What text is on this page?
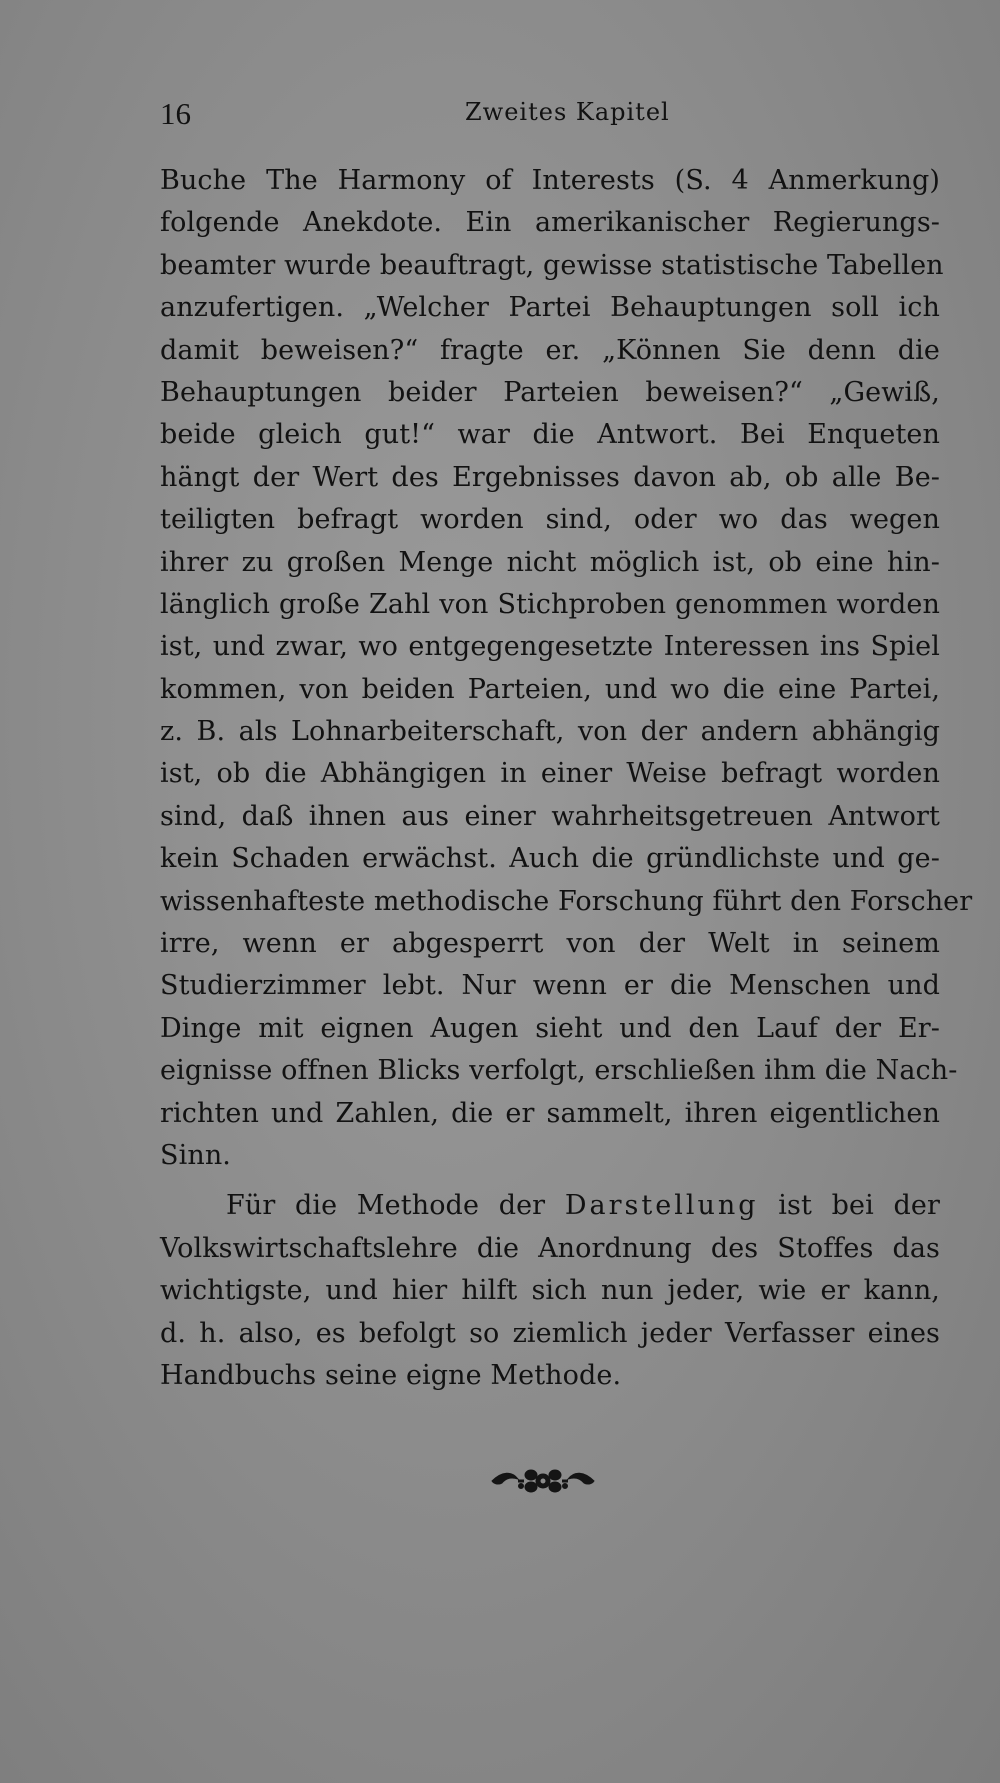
16	Zweites Kapitel
Buche The Harmony of Interests (S. 4 Anmerkung)
folgende Anekdote. Ein amerikanischer Regierungs-
beamter wurde beauftragt, gewisse statistische Tabellen
anzufertigen. „Welcher Partei Behauptungen soll ich
damit beweisen?“ fragte er. „Können Sie denn die
Behauptungen beider Parteien beweisen?“ „Gewiß,
beide gleich gut!“ war die Antwort. Bei Enqueten
hängt der Wert des Ergebnisses davon ab, ob alle Be-
teiligten befragt worden sind, oder wo das wegen
ihrer zu großen Menge nicht möglich ist, ob eine hin-
länglich große Zahl von Stichproben genommen worden
ist, und zwar, wo entgegengesetzte Interessen ins Spiel
kommen, von beiden Parteien, und wo die eine Partei,
z. B. als Lohnarbeiterschaft, von der andern abhängig
ist, ob die Abhängigen in einer Weise befragt worden
sind, daß ihnen aus einer wahrheitsgetreuen Antwort
kein Schaden erwächst. Auch die gründlichste und ge-
wissenhafteste methodische Forschung führt den Forscher
irre, wenn er abgesperrt von der Welt in seinem
Studierzimmer lebt. Nur wenn er die Menschen und
Dinge mit eignen Augen sieht und den Lauf der Er-
eignisse offnen Blicks verfolgt, erschließen ihm die Nach-
richten und Zahlen, die er sammelt, ihren eigentlichen
Sinn.
Für die Methode der Darstellung ist bei der
Volkswirtschaftslehre die Anordnung des Stoffes das
wichtigste, und hier hilft sich nun jeder, wie er kann,
d. h. also, es befolgt so ziemlich jeder Verfasser eines
Handbuchs seine eigne Methode.
